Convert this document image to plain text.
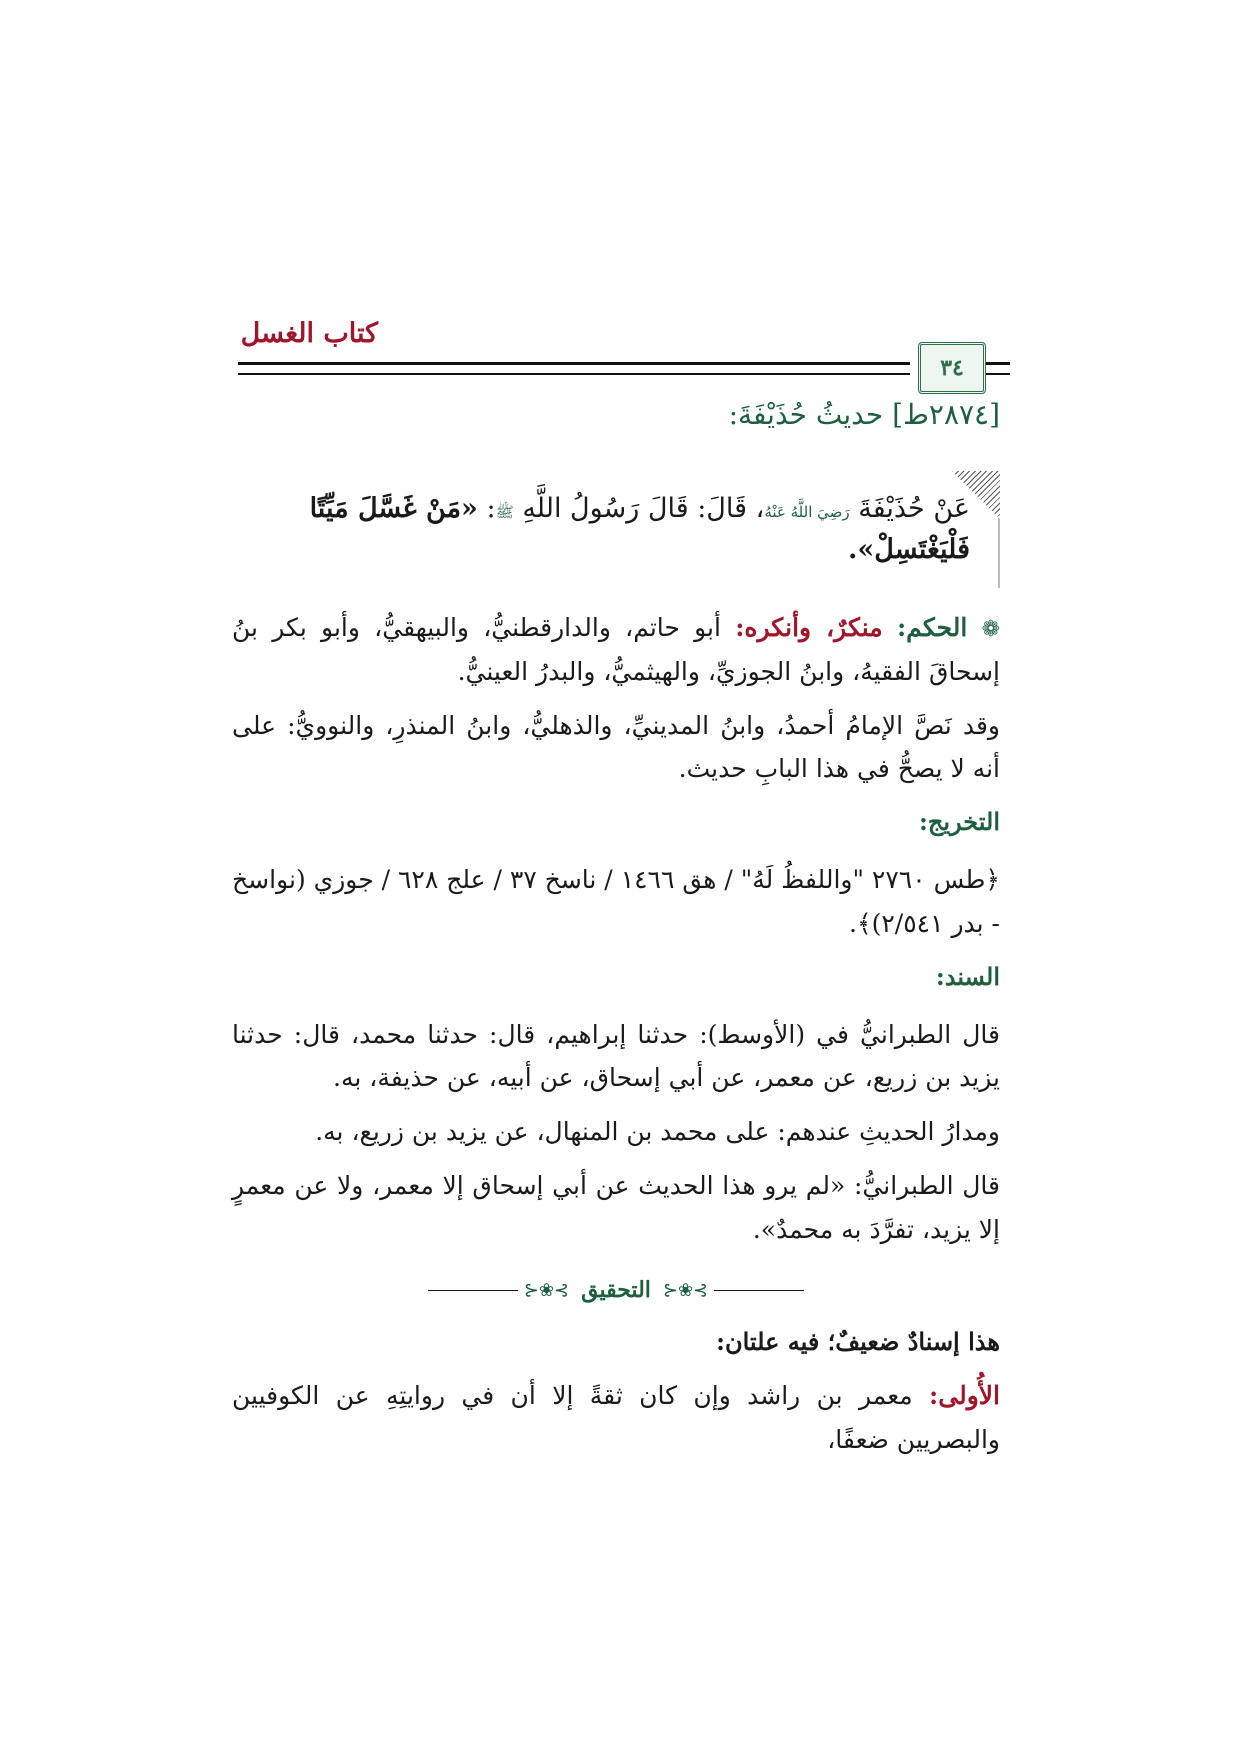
كتاب الغسل
٣٤
[٢٨٧٤ط] حديثُ حُذَيْفَةَ:
عَنْ حُذَيْفَةَ رَضِيَ اللَّهُ عَنْهُ، قَالَ: قَالَ رَسُولُ اللَّهِ ﷺ: «مَنْ غَسَّلَ مَيِّتًا فَلْيَغْتَسِلْ».

❁ الحكم: منكرٌ، وأنكره: أبو حاتم، والدارقطنيُّ، والبيهقيُّ، وأبو بكر بنُ إسحاقَ الفقيهُ، وابنُ الجوزيِّ، والهيثميُّ، والبدرُ العينيُّ.

وقد نَصَّ الإمامُ أحمدُ، وابنُ المدينيِّ، والذهليُّ، وابنُ المنذرِ، والنوويُّ: على أنه لا يصحُّ في هذا البابِ حديث.

التخريج:
﴿طس ٢٧٦٠ "واللفظُ لَهُ" / هق ١٤٦٦ / ناسخ ٣٧ / علج ٦٢٨ / جوزي (نواسخ - بدر ٢/٥٤١)﴾.
السند:

قال الطبرانيُّ في (الأوسط): حدثنا إبراهيم، قال: حدثنا محمد، قال: حدثنا يزيد بن زريع، عن معمر، عن أبي إسحاق، عن أبيه، عن حذيفة، به.

ومدارُ الحديثِ عندهم: على محمد بن المنهال، عن يزيد بن زريع، به.

قال الطبرانيُّ: «لم يرو هذا الحديث عن أبي إسحاق إلا معمر، ولا عن معمرٍ إلا يزيد، تفرَّدَ به محمدٌ».

⊱❀⊰ التحقيق ⊱❀⊰
هذا إسنادٌ ضعيفٌ؛ فيه علتان:

الأُولى: معمر بن راشد وإن كان ثقةً إلا أن في روايتِهِ عن الكوفيين والبصريين ضعفًا،
